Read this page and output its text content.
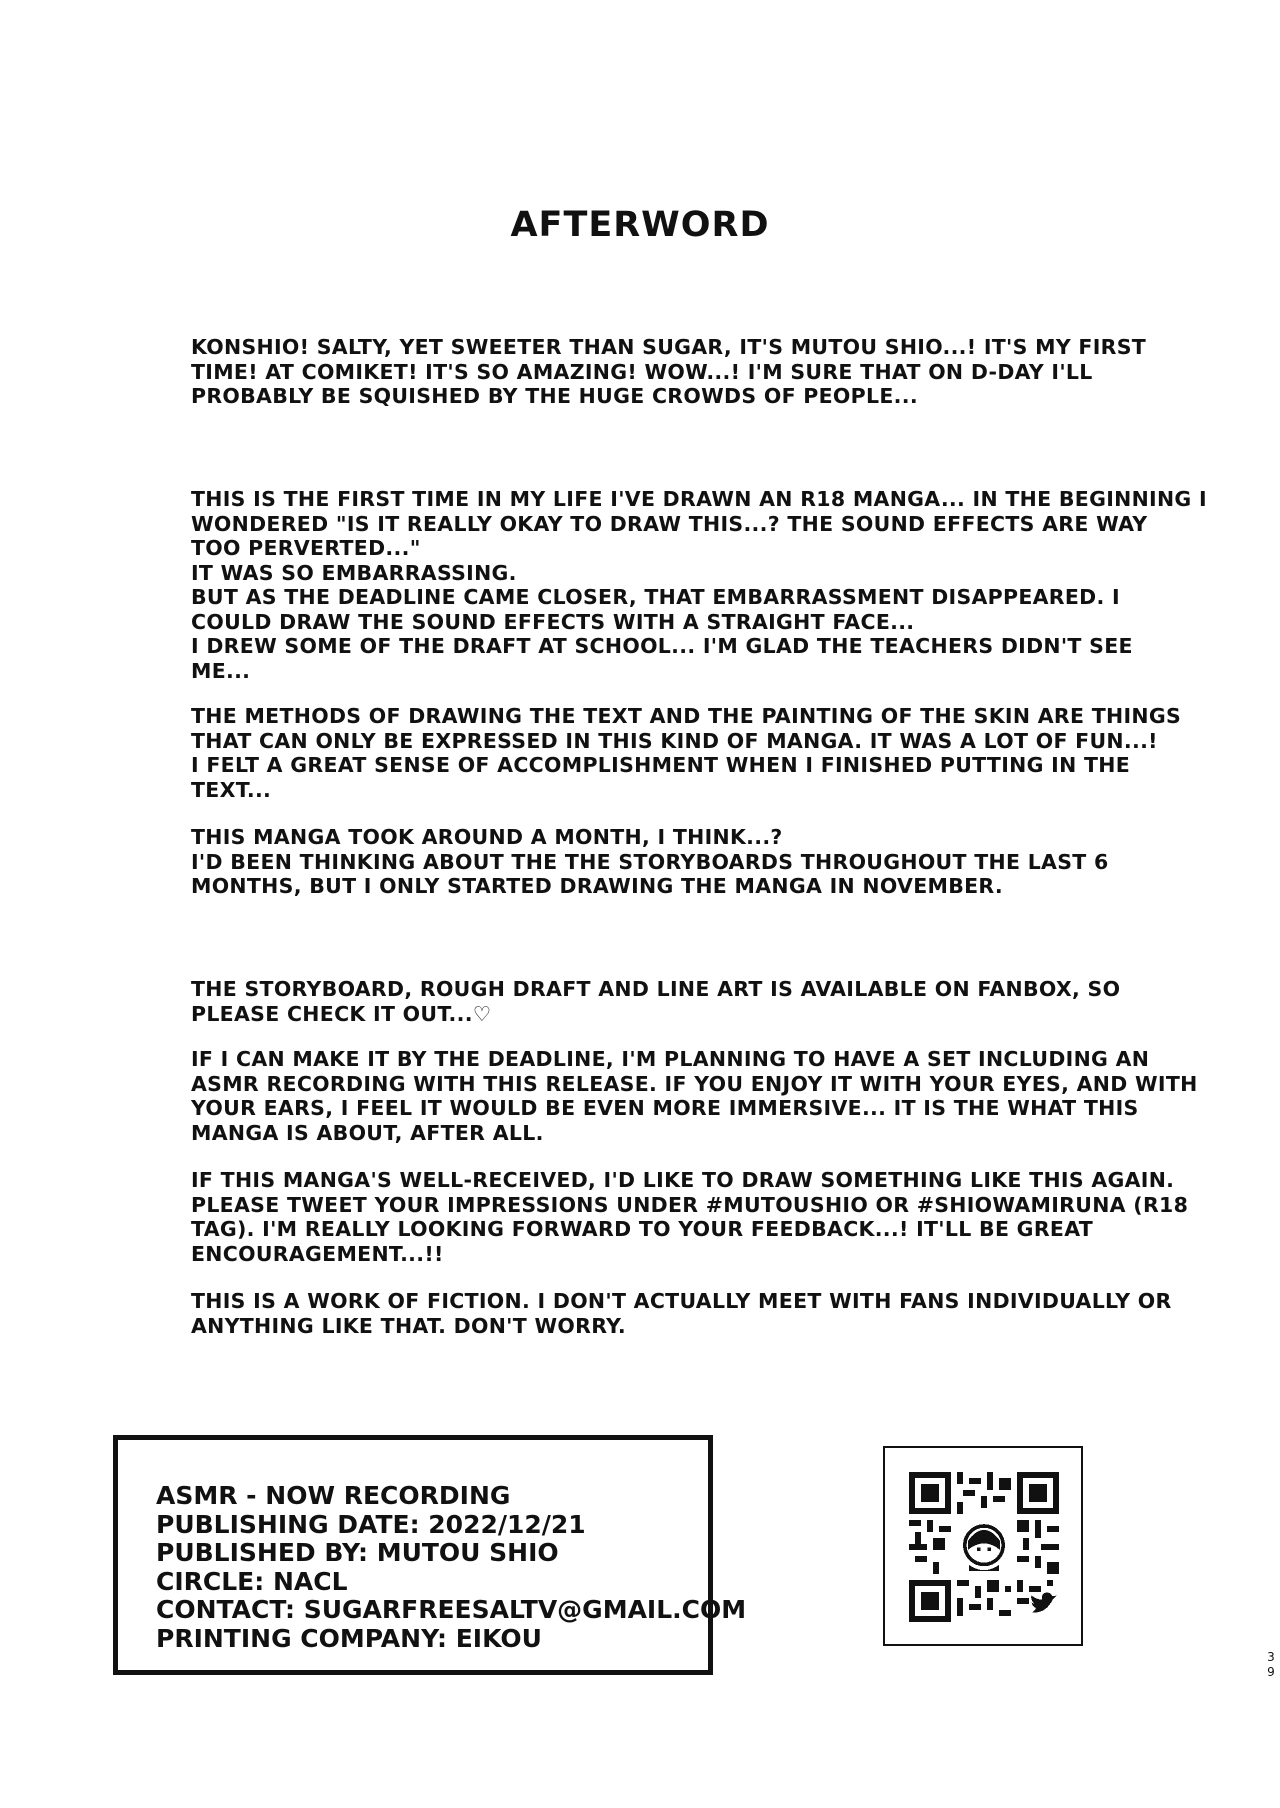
AFTERWORD
KONSHIO! SALTY, YET SWEETER THAN SUGAR, IT'S MUTOU SHIO...! IT'S MY FIRST
TIME! AT COMIKET! IT'S SO AMAZING! WOW...! I'M SURE THAT ON D-DAY I'LL
PROBABLY BE SQUISHED BY THE HUGE CROWDS OF PEOPLE...
THIS IS THE FIRST TIME IN MY LIFE I'VE DRAWN AN R18 MANGA... IN THE BEGINNING I
WONDERED "IS IT REALLY OKAY TO DRAW THIS...? THE SOUND EFFECTS ARE WAY
TOO PERVERTED..."
IT WAS SO EMBARRASSING.
BUT AS THE DEADLINE CAME CLOSER, THAT EMBARRASSMENT DISAPPEARED. I
COULD DRAW THE SOUND EFFECTS WITH A STRAIGHT FACE...
I DREW SOME OF THE DRAFT AT SCHOOL... I'M GLAD THE TEACHERS DIDN'T SEE
ME...
THE METHODS OF DRAWING THE TEXT AND THE PAINTING OF THE SKIN ARE THINGS
THAT CAN ONLY BE EXPRESSED IN THIS KIND OF MANGA. IT WAS A LOT OF FUN...!
I FELT A GREAT SENSE OF ACCOMPLISHMENT WHEN I FINISHED PUTTING IN THE
TEXT...
THIS MANGA TOOK AROUND A MONTH, I THINK...?
I'D BEEN THINKING ABOUT THE THE STORYBOARDS THROUGHOUT THE LAST 6
MONTHS, BUT I ONLY STARTED DRAWING THE MANGA IN NOVEMBER.
THE STORYBOARD, ROUGH DRAFT AND LINE ART IS AVAILABLE ON FANBOX, SO
PLEASE CHECK IT OUT...♡
IF I CAN MAKE IT BY THE DEADLINE, I'M PLANNING TO HAVE A SET INCLUDING AN
ASMR RECORDING WITH THIS RELEASE. IF YOU ENJOY IT WITH YOUR EYES, AND WITH
YOUR EARS, I FEEL IT WOULD BE EVEN MORE IMMERSIVE... IT IS THE WHAT THIS
MANGA IS ABOUT, AFTER ALL.
IF THIS MANGA'S WELL-RECEIVED, I'D LIKE TO DRAW SOMETHING LIKE THIS AGAIN.
PLEASE TWEET YOUR IMPRESSIONS UNDER #MUTOUSHIO OR #SHIOWAMIRUNA (R18
TAG). I'M REALLY LOOKING FORWARD TO YOUR FEEDBACK...! IT'LL BE GREAT
ENCOURAGEMENT...!!
THIS IS A WORK OF FICTION. I DON'T ACTUALLY MEET WITH FANS INDIVIDUALLY OR
ANYTHING LIKE THAT. DON'T WORRY.
ASMR - NOW RECORDING
PUBLISHING DATE: 2022/12/21
PUBLISHED BY: MUTOU SHIO
CIRCLE: NACL
CONTACT: SUGARFREESALTV@GMAIL.COM
PRINTING COMPANY: EIKOU
3
9
